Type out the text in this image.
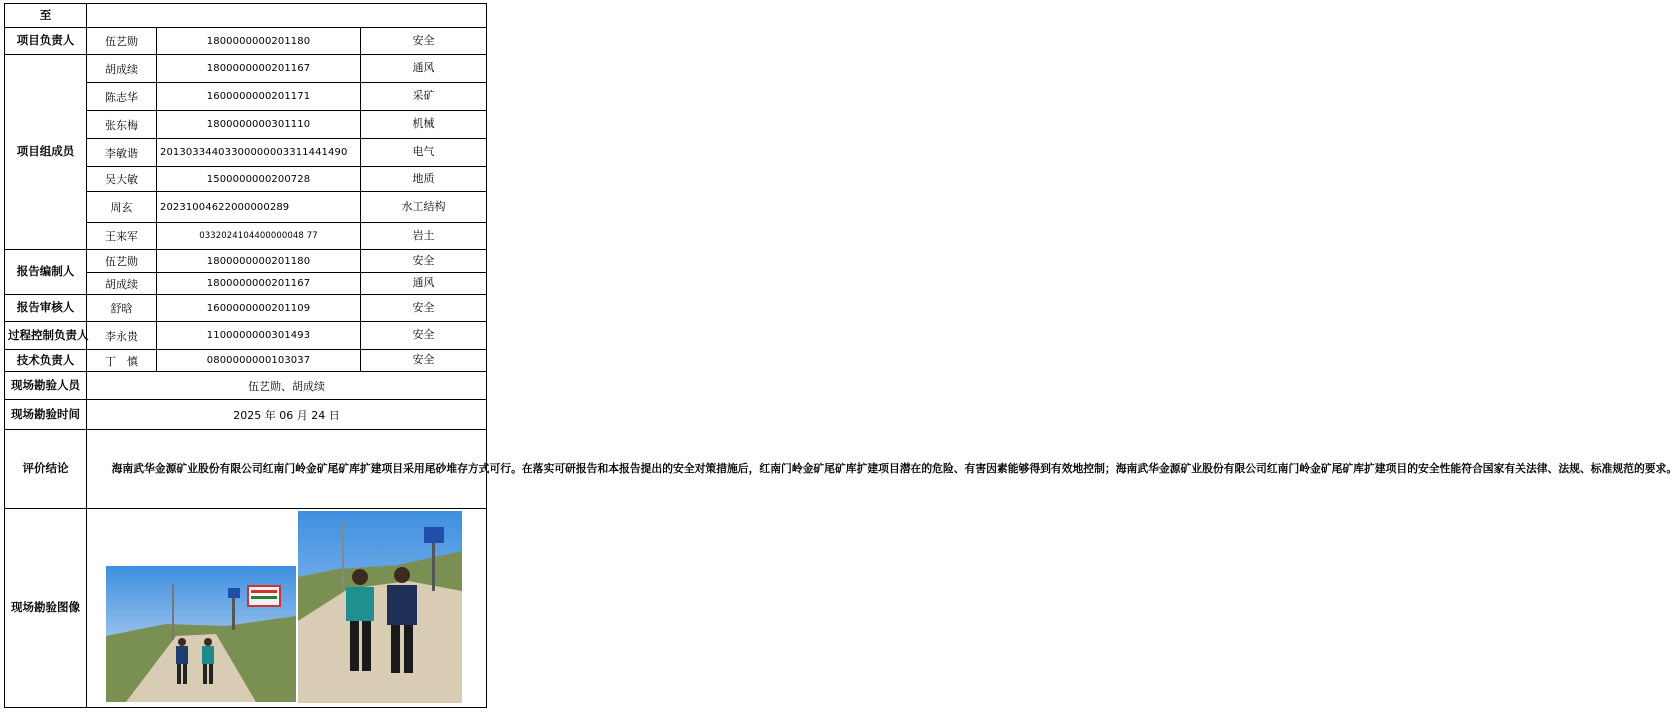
至			
项目负责人	伍艺勋	1800000000201180	安全
项目组成员	胡成续	1800000000201167	通风
	陈志华	1600000000201171	采矿
	张东梅	1800000000301110	机械
	李敏谐	20130334403300000003311441490	电气
	吴大敏	1500000000200728	地质
	周玄	20231004622000000289	水工结构
	王来军	0332024104400000048 77	岩土
报告编制人	伍艺勋	1800000000201180	安全
	胡成续	1800000000201167	通风
报告审核人	舒晗	1600000000201109	安全
过程控制负责人	李永贵	1100000000301493	安全
技术负责人	丁　慎	0800000000103037	安全
现场勘验人员	伍艺勋、胡成续		
现场勘验时间	2025 年 06 月 24 日		
评价结论	海南武华金源矿业股份有限公司红南门岭金矿尾矿库扩建项目采用尾砂堆存方式可行。在落实可研报告和本报告提出的安全对策措施后，红南门岭金矿尾矿库扩建项目潜在的危险、有害因素能够得到有效地控制；海南武华金源矿业股份有限公司红南门岭金矿尾矿库扩建项目的安全性能符合国家有关法律、法规、标准规范的要求。		
现场勘验图像	
